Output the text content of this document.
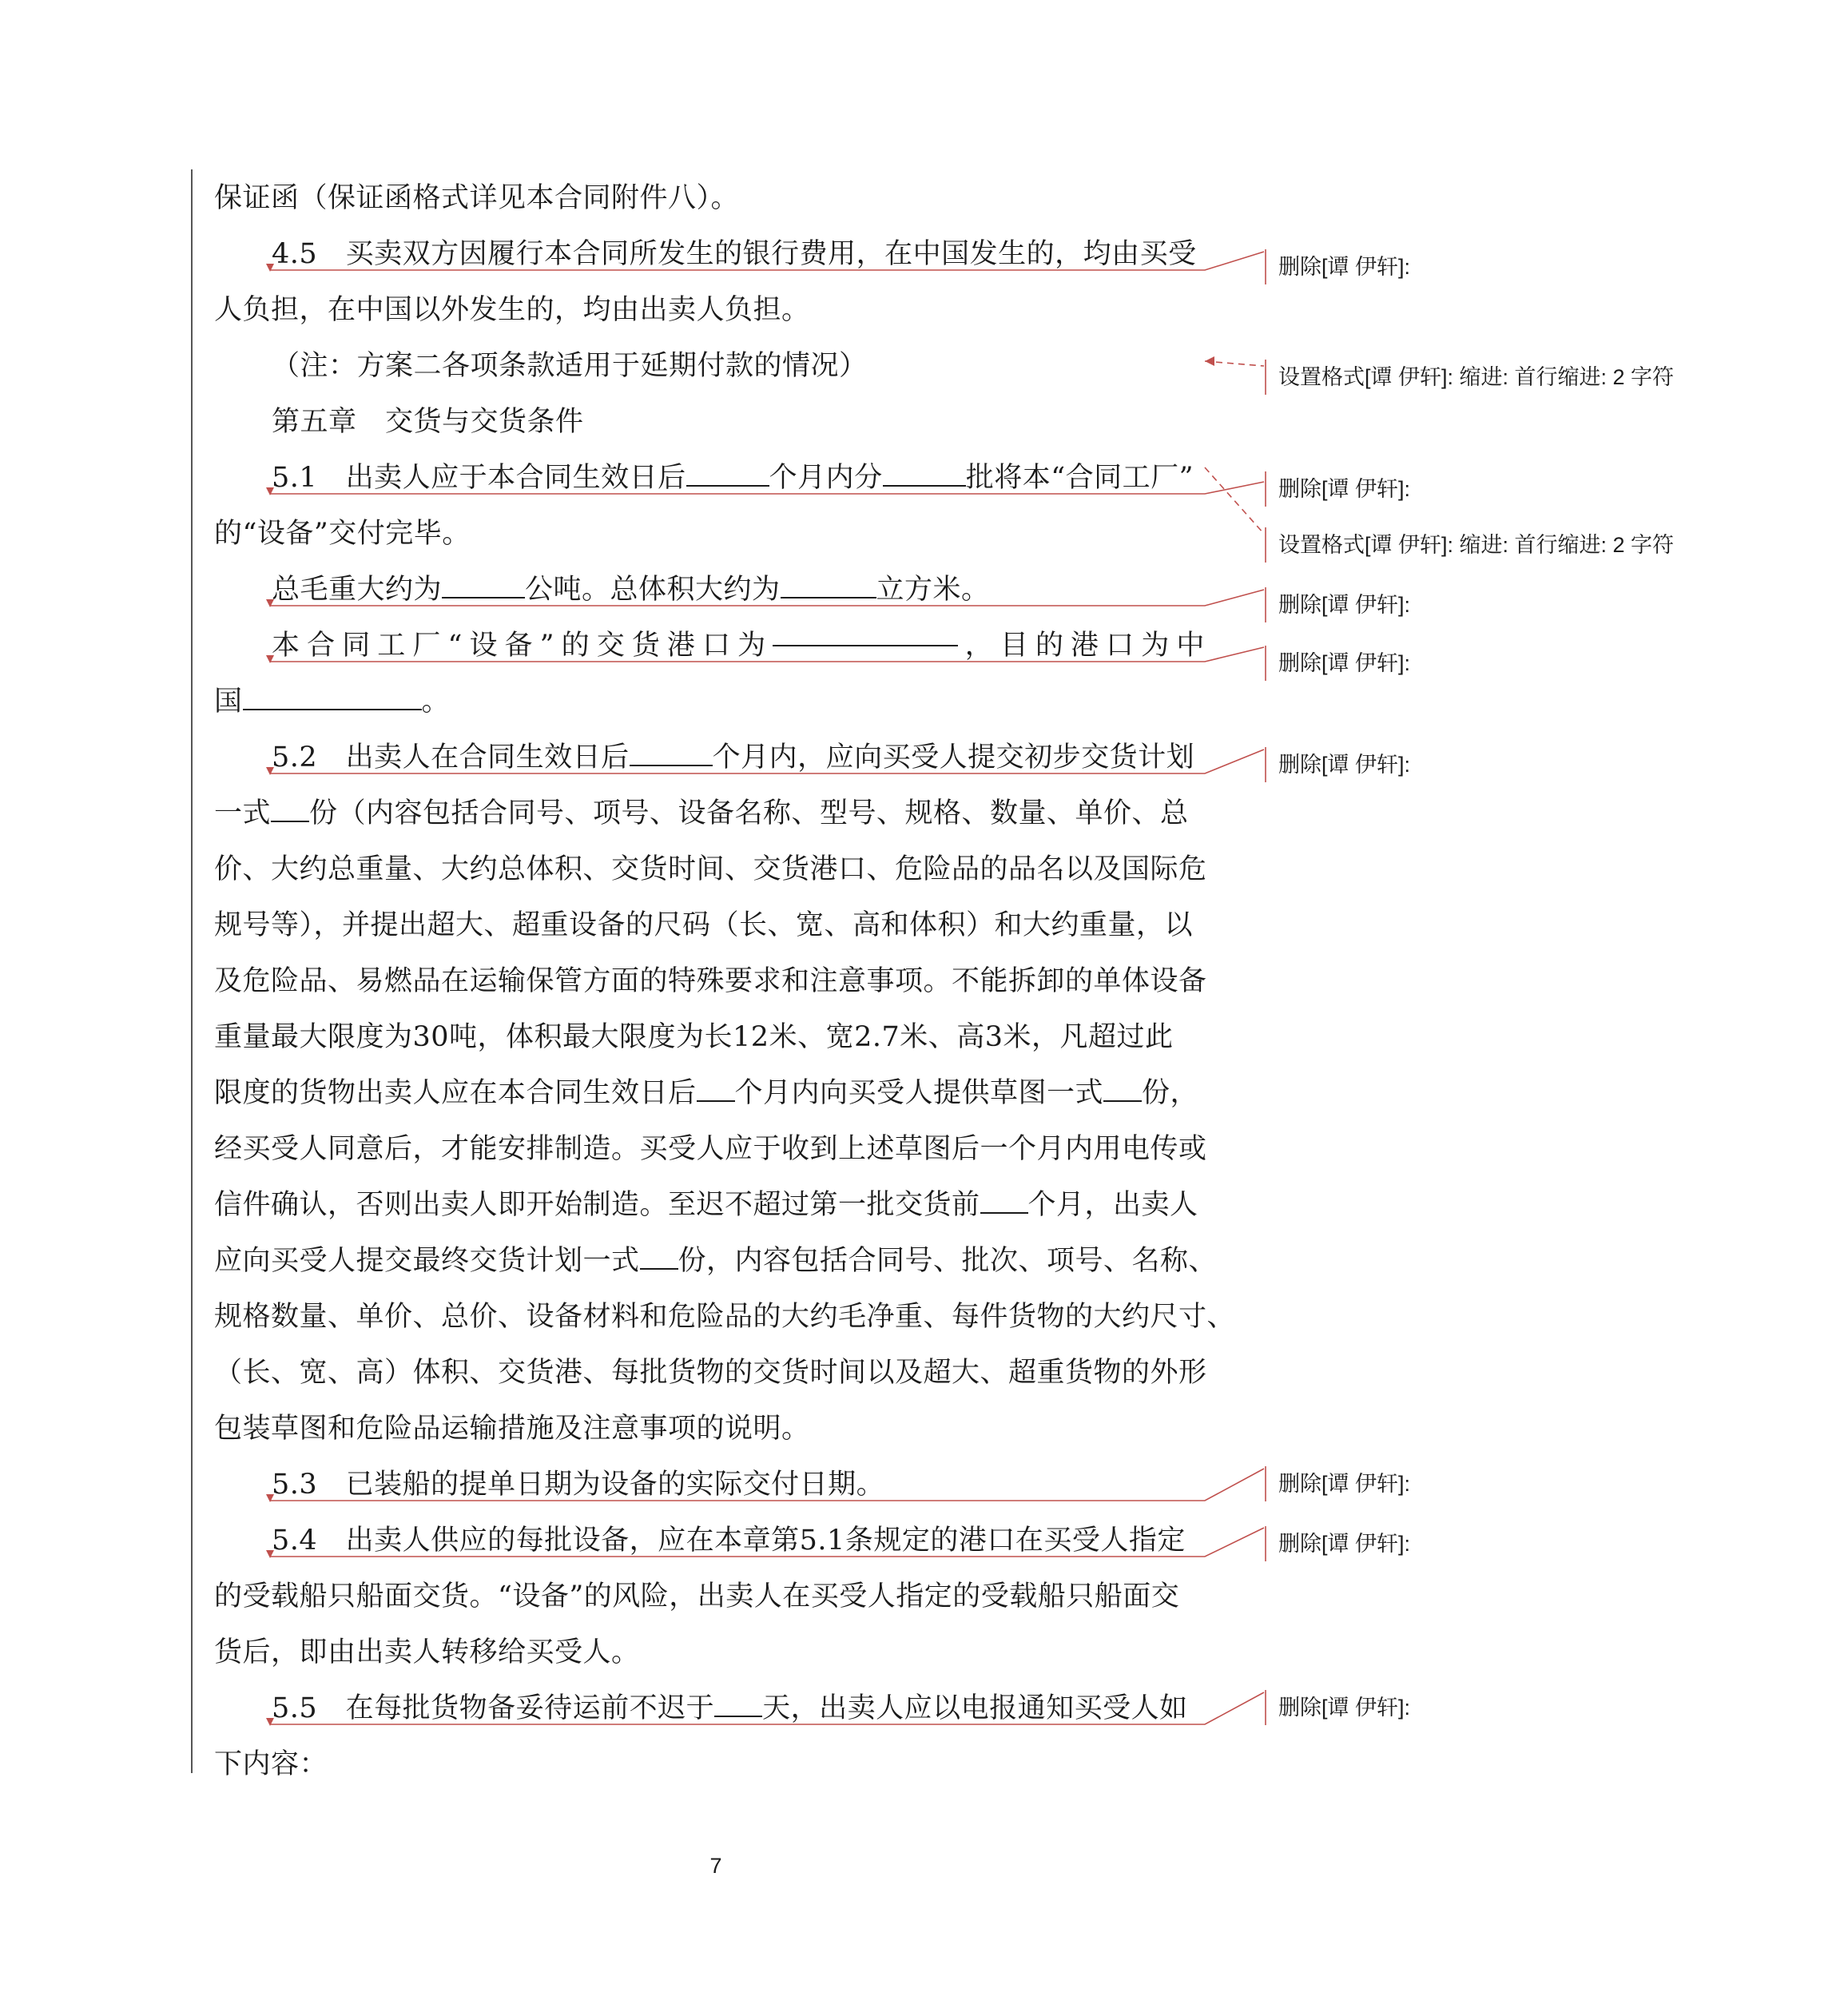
保证函（保证函格式详见本合同附件八）。
4.5　买卖双方因履行本合同所发生的银行费用，在中国发生的，均由买受
人负担，在中国以外发生的，均由出卖人负担。
（注：方案二各项条款适用于延期付款的情况）
第五章　交货与交货条件
5.1　出卖人应于本合同生效日后	个月内分	批将本“合同工厂”
的“设备”交付完毕。
总毛重大约为	公吨。总体积大约为	立方米。
本 合 同 工 厂 “ 设 备 ” 的 交 货 港 口 为	， 目 的 港 口 为 中
国	。
5.2　出卖人在合同生效日后	个月内，应向买受人提交初步交货计划
一式 份（内容包括合同号、项号、设备名称、型号、规格、数量、单价、总
价、大约总重量、大约总体积、交货时间、交货港口、危险品的品名以及国际危
规号等），并提出超大、超重设备的尺码（长、宽、高和体积）和大约重量，以
及危险品、易燃品在运输保管方面的特殊要求和注意事项。不能拆卸的单体设备
重量最大限度为30吨，体积最大限度为长12米、宽2.7米、高3米，凡超过此
限度的货物出卖人应在本合同生效日后 个月内向买受人提供草图一式 份，
经买受人同意后，才能安排制造。买受人应于收到上述草图后一个月内用电传或
信件确认，否则出卖人即开始制造。至迟不超过第一批交货前 个月，出卖人
应向买受人提交最终交货计划一式 份，内容包括合同号、批次、项号、名称、
规格数量、单价、总价、设备材料和危险品的大约毛净重、每件货物的大约尺寸、
（长、宽、高）体积、交货港、每批货物的交货时间以及超大、超重货物的外形
包装草图和危险品运输措施及注意事项的说明。
5.3　已装船的提单日期为设备的实际交付日期。
5.4　出卖人供应的每批设备，应在本章第5.1条规定的港口在买受人指定
的受载船只船面交货。“设备”的风险，出卖人在买受人指定的受载船只船面交
货后，即由出卖人转移给买受人。
5.5　在每批货物备妥待运前不迟于 天，出卖人应以电报通知买受人如
下内容：
删除[谭 伊轩]:
设置格式[谭 伊轩]: 缩进: 首行缩进: 2 字符
删除[谭 伊轩]:
设置格式[谭 伊轩]: 缩进: 首行缩进: 2 字符
删除[谭 伊轩]:
删除[谭 伊轩]:
删除[谭 伊轩]:
删除[谭 伊轩]:
删除[谭 伊轩]:
删除[谭 伊轩]:
7
